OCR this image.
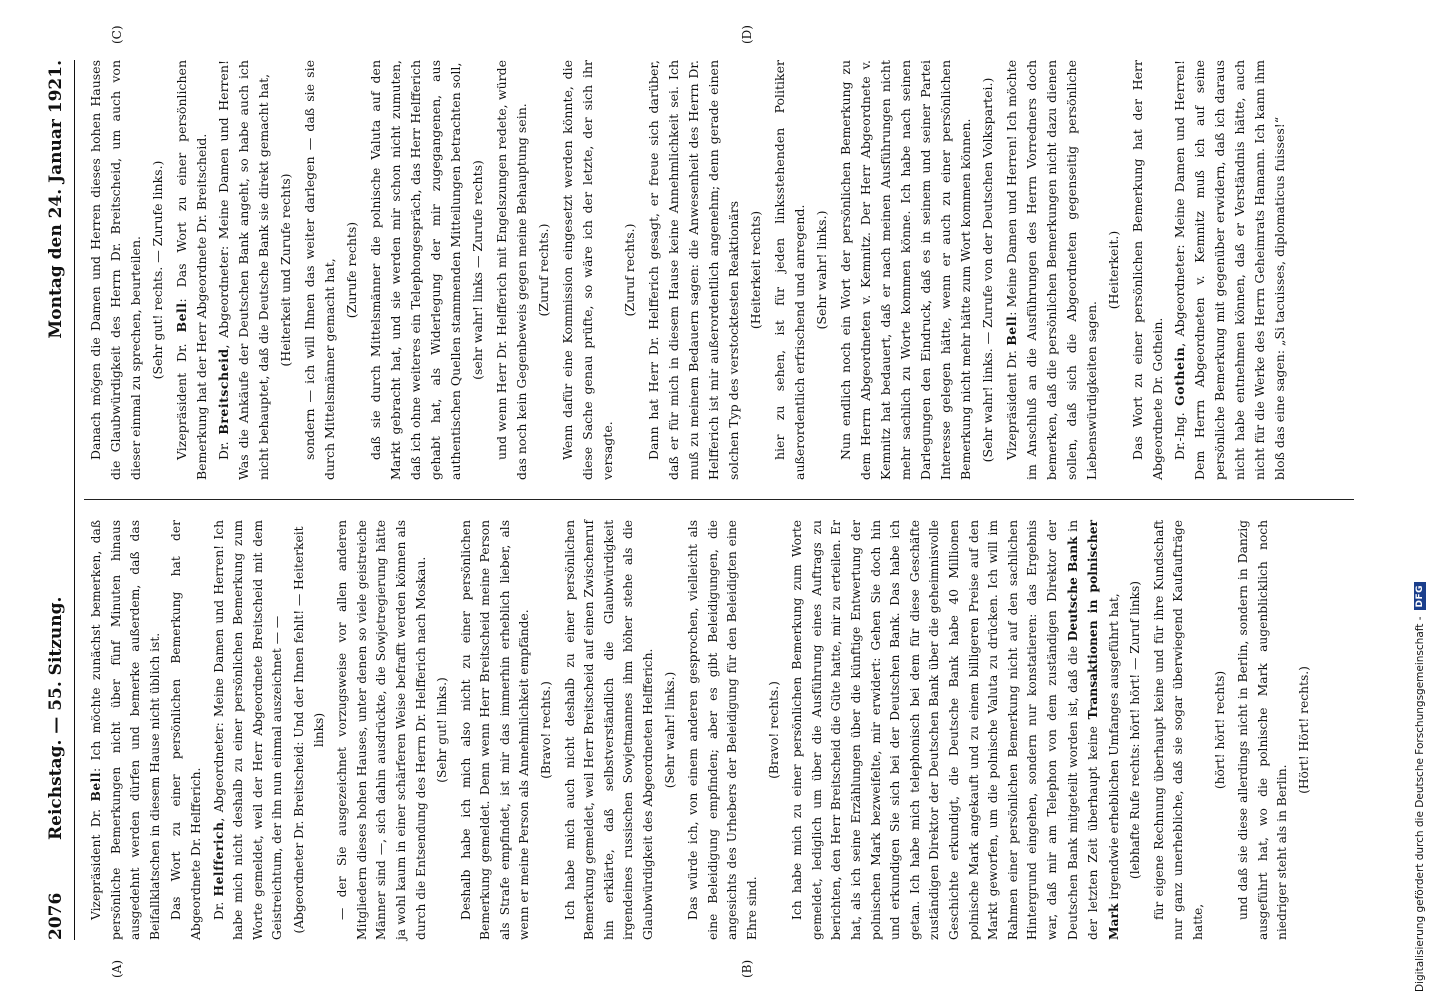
2076
Reichstag. — 55. Sitzung.
Montag den 24. Januar 1921.
(A)	(B)
(C)	(D)

Vizepräsident Dr. Bell: Ich möchte zunächst bemerken, daß persönliche Bemerkungen nicht über fünf Minuten hinaus ausgedehnt werden dürfen und bemerke außerdem, daß das Beifallklatschen in diesem Hause nicht üblich ist. Das Wort zu einer persönlichen Bemerkung hat der Abgeordnete Dr. Helfferich. Dr. Helfferich, Abgeordneter: Meine Damen und Herren! Ich habe mich nicht deshalb zu einer persönlichen Bemerkung zum Worte gemeldet, weil der Herr Abgeordnete Breitscheid mit dem Geistreichtum, der ihn nun einmal auszeichnet — — (Abgeordneter Dr. Breitscheid: Und der Ihnen fehlt! — Heiterkeit links) — der Sie ausgezeichnet vorzugsweise vor allen anderen Mitgliedern dieses hohen Hauses, unter denen so viele geistreiche Männer sind —, sich dahin ausdrückte, die Sowjetregierung hätte ja wohl kaum in einer schärferen Weise befrafft werden können als durch die Entsendung des Herrn Dr. Helfferich nach Moskau. (Sehr gut! links.) Deshalb habe ich mich also nicht zu einer persönlichen Bemerkung gemeldet. Denn wenn Herr Breitscheid meine Person als Strafe empfindet, ist mir das immerhin erheblich lieber, als wenn er meine Person als Annehmlichkeit empfände. (Bravo! rechts.) Ich habe mich auch nicht deshalb zu einer persönlichen Bemerkung gemeldet, weil Herr Breitscheid auf einen Zwischenruf hin erklärte, daß selbstverständlich die Glaubwürdigkeit irgendeines russischen Sowjetmannes ihm höher stehe als die Glaubwürdigkeit des Abgeordneten Helfferich. (Sehr wahr! links.) Das würde ich, von einem anderen gesprochen, vielleicht als eine Beleidigung empfinden; aber es gibt Beleidigungen, die angesichts des Urhebers der Beleidigung für den Beleidigten eine Ehre sind.

(Bravo! rechts.) Ich habe mich zu einer persönlichen Bemerkung zum Worte gemeldet, lediglich um über die Ausführung eines Auftrags zu berichten, den Herr Breitscheid die Güte hatte, mir zu erteilen. Er hat, als ich seine Erzählungen über die künftige Entwertung der polnischen Mark bezweifelte, mir erwidert: Gehen Sie doch hin und erkundigen Sie sich bei der Deutschen Bank. Das habe ich getan. Ich habe mich telephonisch bei dem für diese Geschäfte zuständigen Direktor der Deutschen Bank über die geheimnisvolle Geschichte erkundigt, die Deutsche Bank habe 40 Millionen polnische Mark angekauft und zu einem billigeren Preise auf den Markt geworfen, um die polnische Valuta zu drücken. Ich will im Rahmen einer persönlichen Bemerkung nicht auf den sachlichen Hintergrund eingehen, sondern nur konstatieren: das Ergebnis war, daß mir am Telephon von dem zuständigen Direktor der Deutschen Bank mitgeteilt worden ist, daß die Deutsche Bank in der letzten Zeit überhaupt keine Transaktionen in polnischer Mark irgendwie erheblichen Umfanges ausgeführt hat, (lebhafte Rufe rechts: hört! hört! — Zuruf links) für eigene Rechnung überhaupt keine und für ihre Kundschaft nur ganz unerhebliche, daß sie sogar überwiegend Kaufaufträge hatte,

(hört! hört! rechts) und daß sie diese allerdings nicht in Berlin, sondern in Danzig ausgeführt hat, wo die polnische Mark augenblicklich noch niedriger steht als in Berlin.

(Hört! Hört! rechts.)

Danach mögen die Damen und Herren dieses hohen Hauses die Glaubwürdigkeit des Herrn Dr. Breitscheid, um auch von dieser einmal zu sprechen, beurteilen. (Sehr gut! rechts. — Zurufe links.)

Vizepräsident Dr. Bell: Das Wort zu einer persönlichen Bemerkung hat der Herr Abgeordnete Dr. Breitscheid. Dr. Breitscheid, Abgeordneter: Meine Damen und Herren! Was die Ankäufe der Deutschen Bank angeht, so habe auch ich nicht behauptet, daß die Deutsche Bank sie direkt gemacht hat, (Heiterkeit und Zurufe rechts) sondern — ich will Ihnen das weiter darlegen — daß sie sie durch Mittelsmänner gemacht hat, (Zurufe rechts) daß sie durch Mittelsmänner die polnische Valuta auf den Markt gebracht hat, und sie werden mir schon nicht zumuten, daß ich ohne weiteres ein Telephongespräch, das Herr Helfferich gehabt hat, als Widerlegung der mir zugegangenen, aus authentischen Quellen stammenden Mitteilungen betrachten soll, (sehr wahr! links — Zurufe rechts) und wenn Herr Dr. Helfferich mit Engelszungen redete, würde das noch kein Gegenbeweis gegen meine Behauptung sein. (Zuruf rechts.) Wenn dafür eine Kommission eingesetzt werden könnte, die diese Sache genau prüfte, so wäre ich der letzte, der sich ihr versagte.

(Zuruf rechts.) Dann hat Herr Dr. Helfferich gesagt, er freue sich darüber, daß er für mich in diesem Hause keine Annehmlichkeit sei. Ich muß zu meinem Bedauern sagen: die Anwesenheit des Herrn Dr. Helfferich ist mir außerordentlich angenehm; denn gerade einen solchen Typ des verstocktesten Reaktionärs (Heiterkeit rechts) hier zu sehen, ist für jeden linksstehenden Politiker außerordentlich erfrischend und anregend. (Sehr wahr! links.) Nun endlich noch ein Wort der persönlichen Bemerkung zu dem Herrn Abgeordneten v. Kemnitz. Der Herr Abgeordnete v. Kemnitz hat bedauert, daß er nach meinen Ausführungen nicht mehr sachlich zu Worte kommen könne. Ich habe nach seinen Darlegungen den Eindruck, daß es in seinem und seiner Partei Interesse gelegen hätte, wenn er auch zu einer persönlichen Bemerkung nicht mehr hätte zum Wort kommen können. (Sehr wahr! links. — Zurufe von der Deutschen Volkspartei.) Vizepräsident Dr. Bell: Meine Damen und Herren! Ich möchte im Anschluß an die Ausführungen des Herrn Vorredners doch bemerken, daß die persönlichen Bemerkungen nicht dazu dienen sollen, daß sich die Abgeordneten gegenseitig persönliche Liebenswürdigkeiten sagen.

(Heiterkeit.) Das Wort zu einer persönlichen Bemerkung hat der Herr Abgeordnete Dr. Gothein. Dr.-Ing. Gothein, Abgeordneter: Meine Damen und Herren! Dem Herrn Abgeordneten v. Kemnitz muß ich auf seine persönliche Bemerkung mit gegenüber erwidern, daß ich daraus nicht habe entnehmen können, daß er Verständnis hätte, auch nicht für die Werke des Herrn Geheimrats Hamann. Ich kann ihm bloß das eine sagen: „Si tacuisses, diplomaticus fuisses!“

Digitalisierung gefördert durch die Deutsche Forschungsgemeinschaft -
DFG
